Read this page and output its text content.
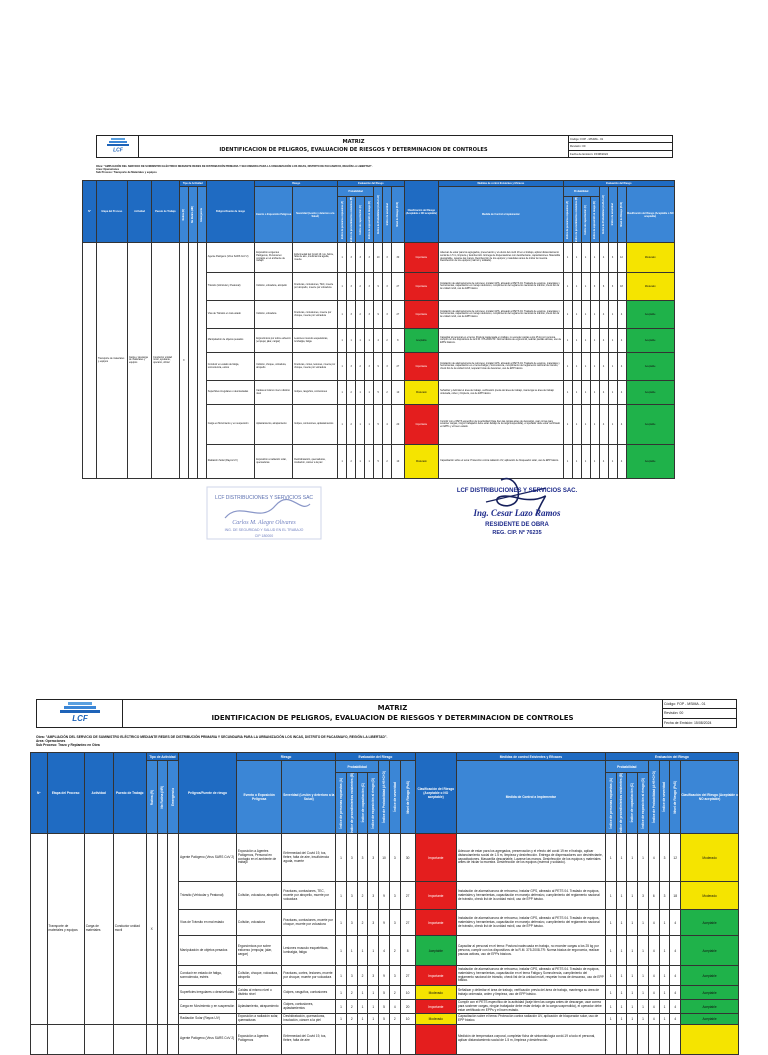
LCF

MATRIZ
IDENTIFICACION DE PELIGROS, EVALUACION DE RIESGOS Y DETERMINACION DE CONTROLES
	Código: FOP - MSIMA - 01
Revisión: 00
Fecha de Emisión: 15/08/2024
Obra: "AMPLIACIÓN DEL SERVICIO DE SUMINISTRO ELÉCTRICO MEDIANTE REDES DE DISTRIBUCIÓN PRIMARIA Y SECUNDARIA PARA LA URBANIZACIÓN LOS INCAS, DISTRITO DE PACASMAYO, REGIÓN LA LIBERTAD".
Area: Operaciones
Sub Proceso: Transporte de Materiales y equipos
Nº	Etapa del Proceso	Actividad	Puesto de Trabajo	Tipo de Actividad			Peligros/Fuente de riesgo	Riesgo		Evaluación del Riesgo							Clasificación del Riesgo (Aceptable o NO aceptable)	Medidas de control Existentes y Eficaces	Evaluación del Riesgo							

				Rutina (R)	No Rutina (NR)	Emergencia		Evento o Exposición Peligrosa	Severidad (Lesión y deterioro a la Salud)	Probabilidad				Índice de Probabilidad (A+B+C+D)	Índice de severidad	Nivel de Riesgo (PxS)		Medida de Control a Implementar	Probabilidad				Índice de Probabilidad (A+B+C+D)	Índice de severidad	Nivel de Riesgo (PxS)	Clasificación del Riesgo (Aceptable o NO aceptable)

										Índice de personas expuestas (A)	Índice de procedimientos existentes (B)	Índice de capacitación (C)	Índice de exposición al riesgo (D)						Índice de personas expuestas (A)	Índice de procedimientos existentes (B)	Índice de capacitación (C)	Índice de exposición al riesgo (D)				

	Transporte de materiales y equipos	Carga y descarga de materiales y equipos	Conductor unidad móvil, ayudante, operario, oficial	X			Agente Patógeno (Virus SARS CoV 2)	Exposición a Agentes Patógenos, Personal en contagio en el ambiente de trabajo	Enfermedad del Covid 19, tos, fiebre, falta de aire, insuficiencia aguda, muerte	1	3	3	3	10	3	30	Importante	Adecuar de estar para los agregados, preservación y el efecto del covid 19 en el trabajo, aplicar distanciamiento social de 1.5 m, limpieza y desinfección. Entrega de dispensadores con desinfectante, capacitaciones. Mascarilla descartable, Lavarse las manos. Desinfección de los equipos y materiales antes de iniciar la muestra. Desinfección de los equipos (mármol y soldado).	1	1	1	1	4	3	12	Moderado
							Tránsito (Vehicular y Peatonal)	Colisión, volcadura, atropello	Fracturas, contusiones, TEC, muerte por atropello, muerte por volcadura	1	3	2	3	9	3	27	Importante	Instalación de alarma/sonora de retroceso, instalar GPS, alineado al PETS 04. Traslado de equipos, materiales y herramientas, capacitación en manejo defensivo, cumplimiento del reglamento nacional de tránsito, check list de la unidad móvil, uso de EPP básico.	1	1	1	3	6	3	18	Moderado
							Vías de Tránsito en mal estado	Colisión, volcadura	Fracturas, contusiones, muerte por choque, muerte por volcadura	1	3	2	3	9	3	27	Importante	Instalación de alarma/sonora de retroceso, instalar GPS, alineado al PETS 04. Traslado de equipos, materiales y herramientas, capacitación en manejo defensivo, cumplimiento del reglamento nacional de tránsito, check list de la unidad móvil, uso de EPP básico.	1	1	1	1	4	1	4	Aceptable
							Manipulación de objetos pesados	Ergonómicos por sobre esfuerzo (empujar, jalar, cargar)	Lesiones musculo esqueléticas, lumbalgia, fatiga	1	1	1	1	4	2	8	Aceptable	Capacitar al personal en el tema: Postura inadecuada en trabajo, no exceder cargas a los 25 kg por persona, cumplir con los dispositivos de la R.M. 375-2008-TR: Norma básica de ergonomía, realizar pausas activas, uso de EPPs básicos.	1	1	1	1	4	1	4	Aceptable
							Conducir en estado de fatiga, somnolencia, estrés	Colisión, choque, volcadura, atropello	Fracturas, cortes, lesiones, muerte por choque, muerte por volcadura	1	3	2	3	9	3	27	Importante	Instalación de alarma/sonora de retroceso, instalar GPS, alineado al PETS 04. Traslado de equipos, materiales y herramientas, capacitación en el tema Fatiga y Somnolencia, cumplimiento del reglamento nacional de tránsito, check list de la unidad móvil, respetar horas de descanso, uso de EPP básico.	1	1	1	1	4	1	4	Aceptable
							Superficies irregulares o desniveladas	Caídas al mismo nivel o distinto nivel	Golpes, rasguños, contusiones	1	2	1	1	5	2	10	Moderado	Señalizar y delimitar el área de trabajo, verificación previa del área de trabajo, mantenga su área de trabajo ordenada, orden y limpieza, uso de EPP básico.	1	1	1	1	4	1	4	Aceptable
							Carga en Movimiento y en suspensión	Aplastamiento, atrapamiento	Golpes, contusiones, aplastamientos	1	2	1	1	5	4	20	Importante	Cumplir con el PETS específico de la actividad (Izaje bien las cargas antes de descargar, usar correa para sostener cargas, ningún trabajador debe estar debajo de la carga suspendida), el operador debe estar certificado en EPPs y el buen estado.	1	1	1	1	4	1	4	Aceptable
							Radiación Solar (Rayos UV)	Exposición a radiación solar, quemaduras	Deshidratación, quemaduras, insolación, cáncer a la piel	1	2	1	1	5	2	10	Moderado	Capacitación sobre el tema: Protección contra radiación UV, aplicación de bloqueador solar, uso de EPP básico.	1	1	1	1	4	1	4	Aceptable
LCF DISTRIBUCIONES Y SERVICIOS SAC
Carlos M. Alegre Olivares
ING. DE SEGURIDAD Y SALUD EN EL TRABAJO
CIP 180000
LCF DISTRIBUCIONES Y SERVICIOS SAC.
Ing. Cesar Lazo Ramos
RESIDENTE DE OBRA
REG. CIP. Nº 76235
LCF

MATRIZ
IDENTIFICACION DE PELIGROS, EVALUACION DE RIESGOS Y DETERMINACION DE CONTROLES
	Código: FOP - MSIMA - 01
Revisión: 00
Fecha de Emisión: 15/08/2024
Obra: "AMPLIACIÓN DEL SERVICIO DE SUMINISTRO ELÉCTRICO MEDIANTE REDES DE DISTRIBUCIÓN PRIMARIA Y SECUNDARIA PARA LA URBANIZACIÓN LOS INCAS, DISTRITO DE PACASMAYO, REGIÓN LA LIBERTAD".
Area: Operaciones
Sub Proceso: Trazo y Replanteo en Obra
Nº	Etapa del Proceso	Actividad	Puesto de Trabajo	Tipo de Actividad			Peligros/Fuente de riesgo	Riesgo		Evaluación del Riesgo							Clasificación del Riesgo (Aceptable o NO aceptable)	Medidas de control Existentes y Eficaces	Evaluación del Riesgo							

				Rutina (R)	No Rutina (NR)	Emergencia		Evento o Exposición Peligrosa	Severidad (Lesión y deterioro a la Salud)	Probabilidad				Índice de Probabilidad (A+B+C+D)	Índice de severidad	Nivel de Riesgo (PxS)		Medida de Control a Implementar	Probabilidad				Índice de Probabilidad (A+B+C+D)	Índice de severidad	Nivel de Riesgo (PxS)	Clasificación del Riesgo (Aceptable o NO aceptable)

										Índice de personas expuestas (A)	Índice de procedimientos existentes (B)	Índice de capacitación (C)	Índice de exposición al riesgo (D)						Índice de personas expuestas (A)	Índice de procedimientos existentes (B)	Índice de capacitación (C)	Índice de exposición al riesgo (D)				

	Transporte de materiales y equipos	Carga de materiales	Conductor unidad movil	X			Agente Patógeno (Virus SARS CoV 2)	Exposición a Agentes Patógenos, Personal en contagio en el ambiente de trabajo	Enfermedad del Covid 19, tos, fiebre, falta de aire, insuficiencia aguda, muerte	1	3	3	3	10	3	30	Importante	Adecuar de estar para los agregados, preservación y el efecto del covid 19 en el trabajo, aplicar distanciamiento social de 1.5 m, limpieza y desinfección. Entrega de dispensadores con desinfectante, capacitaciones. Mascarilla descartable, Lavarse las manos. Desinfección de los equipos y materiales antes de iniciar la muestra. Desinfección de los equipos (mármol y soldado).	1	1	1	1	4	3	12	Moderado
							Tránsito (Vehicular y Peatonal)	Colisión, volcadura, atropello	Fracturas, contusiones, TEC, muerte por atropello, muerte por volcadura	1	3	2	3	9	3	27	Importante	Instalación de alarma/sonora de retroceso, instalar GPS, alineado al PETS 04. Traslado de equipos, materiales y herramientas, capacitación en manejo defensivo, cumplimiento del reglamento nacional de tránsito, check list de la unidad móvil, uso de EPP básico.	1	1	1	3	6	3	18	Moderado
							Vías de Tránsito en mal estado	Colisión, volcadura	Fracturas, contusiones, muerte por choque, muerte por volcadura	1	3	2	3	9	3	27	Importante	Instalación de alarma/sonora de retroceso, instalar GPS, alineado al PETS 04. Traslado de equipos, materiales y herramientas, capacitación en manejo defensivo, cumplimiento del reglamento nacional de tránsito, check list de la unidad móvil, uso de EPP básico.	1	1	1	1	4	1	4	Aceptable
							Manipulación de objetos pesados	Ergonómicos por sobre esfuerzo (empujar, jalar, cargar)	Lesiones musculo esqueléticas, lumbalgia, fatiga	1	1	1	1	4	2	8	Aceptable	Capacitar al personal en el tema: Postura inadecuada en trabajo, no exceder cargas a los 25 kg por persona, cumplir con los dispositivos de la R.M. 375-2008-TR: Norma básica de ergonomía, realizar pausas activas, uso de EPPs básicos.	1	1	1	1	4	1	4	Aceptable
							Conducir en estado de fatiga, somnolencia, estrés	Colisión, choque, volcadura, atropello	Fracturas, cortes, lesiones, muerte por choque, muerte por volcadura	1	3	2	3	9	3	27	Importante	Instalación de alarma/sonora de retroceso, instalar GPS, alineado al PETS 04. Traslado de equipos, materiales y herramientas, capacitación en el tema Fatiga y Somnolencia, cumplimiento del reglamento nacional de tránsito, check list de la unidad móvil, respetar horas de descanso, uso de EPP básico.	1	1	1	1	4	1	4	Aceptable
							Superficies irregulares o desniveladas	Caídas al mismo nivel o distinto nivel	Golpes, rasguños, contusiones	1	2	1	1	5	2	10	Moderado	Señalizar y delimitar el área de trabajo, verificación previa del área de trabajo, mantenga su área de trabajo ordenada, orden y limpieza, uso de EPP básico.	1	1	1	1	4	1	4	Aceptable
							Carga en Movimiento y en suspensión	Aplastamiento, atrapamiento	Golpes, contusiones, aplastamientos	1	2	1	1	5	4	20	Importante	Cumplir con el PETS específico de la actividad (Izaje bien las cargas antes de descargar, usar correa para sostener cargas, ningún trabajador debe estar debajo de la carga suspendida), el operador debe estar certificado en EPPs y el buen estado.	1	1	1	1	4	1	4	Aceptable
							Radiación Solar (Rayos UV)	Exposición a radiación solar, quemaduras	Deshidratación, quemaduras, insolación, cáncer a la piel	1	2	1	1	5	2	10	Moderado	Capacitación sobre el tema: Protección contra radiación UV, aplicación de bloqueador solar, uso de EPP básico.	1	1	1	1	4	1	4	Aceptable
							Agente Patógeno (Virus SARS CoV 2)	Exposición a Agentes Patógenos	Enfermedad del Covid 19, tos, fiebre, falta de aire									Medición de temperatura corporal, completar ficha de sintomatología covid-19 a todo el personal, aplicar distanciamiento social de 1.5 m, limpieza y desinfección.								
